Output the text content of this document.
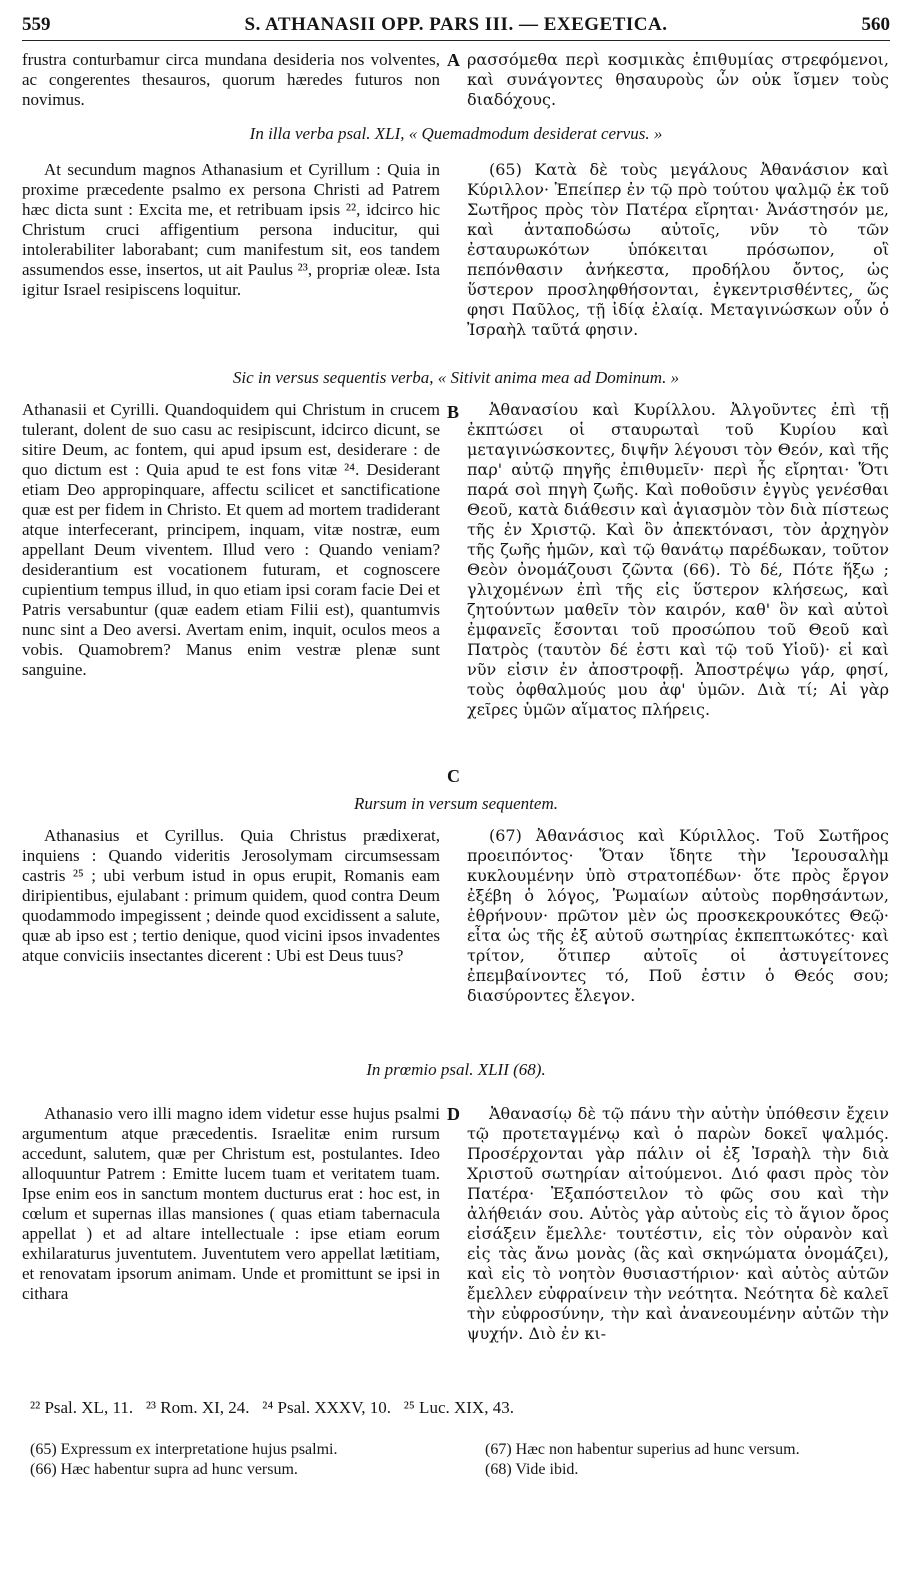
559	S. ATHANASII OPP. PARS III. — EXEGETICA.	560

frustra conturbamur circa mundana desideria nos volventes, ac congerentes thesauros, quorum hæredes futuros non novimus.

A ρασσόμεθα περὶ κοσμικὰς ἐπιθυμίας στρεφόμενοι, καὶ συνάγοντες θησαυροὺς ὧν οὐκ ἴσμεν τοὺς διαδόχους.

In illa verba psal. XLI, « Quemadmodum desiderat cervus. »

At secundum magnos Athanasium et Cyrillum : Quia in proxime præcedente psalmo ex persona Christi ad Patrem hæc dicta sunt : Excita me, et retribuam ipsis ²², idcirco hic Christum cruci affigentium persona inducitur, qui intolerabiliter laborabant; cum manifestum sit, eos tandem assumendos esse, insertos, ut ait Paulus ²³, propriæ oleæ. Ista igitur Israel resipiscens loquitur.

(65) Κατὰ δὲ τοὺς μεγάλους Ἀθανάσιον καὶ Κύριλλον· Ἐπείπερ ἐν τῷ πρὸ τούτου ψαλμῷ ἐκ τοῦ Σωτῆρος πρὸς τὸν Πατέρα εἴρηται· Ἀνάστησόν με, καὶ ἀνταποδώσω αὐτοῖς, νῦν τὸ τῶν ἐσταυρωκότων ὑπόκειται πρόσωπον, οἳ πεπόνθασιν ἀνήκεστα, προδήλου ὄντος, ὡς ὕστερον προσληφθήσονται, ἐγκεντρισθέντες, ὥς φησι Παῦλος, τῇ ἰδίᾳ ἐλαίᾳ. Μεταγινώσκων οὖν ὁ Ἰσραὴλ ταῦτά φησιν.

Sic in versus sequentis verba, « Sitivit anima mea ad Dominum. »
B

Athanasii et Cyrilli. Quandoquidem qui Christum in crucem tulerant, dolent de suo casu ac resipiscunt, idcirco dicunt, se sitire Deum, ac fontem, qui apud ipsum est, desiderare : de quo dictum est : Quia apud te est fons vitæ ²⁴. Desiderant etiam Deo appropinquare, affectu scilicet et sanctificatione quæ est per fidem in Christo. Et quem ad mortem tradiderant atque interfecerant, principem, inquam, vitæ nostræ, eum appellant Deum viventem. Illud vero : Quando veniam? desiderantium est vocationem futuram, et cognoscere cupientium tempus illud, in quo etiam ipsi coram facie Dei et Patris versabuntur (quæ eadem etiam Filii est), quantumvis nunc sint a Deo aversi. Avertam enim, inquit, oculos meos a vobis. Quamobrem? Manus enim vestræ plenæ sunt sanguine.

Ἀθανασίου καὶ Κυρίλλου. Ἀλγοῦντες ἐπὶ τῇ ἐκπτώσει οἱ σταυρωταὶ τοῦ Κυρίου καὶ μεταγινώσκοντες, διψῆν λέγουσι τὸν Θεόν, καὶ τῆς παρ' αὐτῷ πηγῆς ἐπιθυμεῖν· περὶ ἧς εἴρηται· Ὅτι παρά σοὶ πηγὴ ζωῆς. Καὶ ποθοῦσιν ἐγγὺς γενέσθαι Θεοῦ, κατὰ διάθεσιν καὶ ἁγιασμὸν τὸν διὰ πίστεως τῆς ἐν Χριστῷ. Καὶ ὃν ἀπεκτόνασι, τὸν ἀρχηγὸν τῆς ζωῆς ἡμῶν, καὶ τῷ θανάτῳ παρέδωκαν, τοῦτον Θεὸν ὀνομάζουσι ζῶντα (66). Τὸ δέ, Πότε ἥξω ; γλιχομένων ἐπὶ τῆς εἰς ὕστερον κλήσεως, καὶ ζητούντων μαθεῖν τὸν καιρόν, καθ' ὃν καὶ αὐτοὶ ἐμφανεῖς ἔσονται τοῦ προσώπου τοῦ Θεοῦ καὶ Πατρὸς (ταυτὸν δέ ἐστι καὶ τῷ τοῦ Υἱοῦ)· εἰ καὶ νῦν εἰσιν ἐν ἀποστροφῇ. Ἀποστρέψω γάρ, φησί, τοὺς ὀφθαλμούς μου ἀφ' ὑμῶν. Διὰ τί; Αἱ γὰρ χεῖρες ὑμῶν αἵματος πλήρεις.

C
Rursum in versum sequentem.

Athanasius et Cyrillus. Quia Christus prædixerat, inquiens : Quando videritis Jerosolymam circumsessam castris ²⁵ ; ubi verbum istud in opus erupit, Romanis eam diripientibus, ejulabant : primum quidem, quod contra Deum quodammodo impegissent ; deinde quod excidissent a salute, quæ ab ipso est ; tertio denique, quod vicini ipsos invadentes atque conviciis insectantes dicerent : Ubi est Deus tuus?

(67) Ἀθανάσιος καὶ Κύριλλος. Τοῦ Σωτῆρος προειπόντος· Ὅταν ἴδητε τὴν Ἱερουσαλὴμ κυκλουμένην ὑπὸ στρατοπέδων· ὅτε πρὸς ἔργον ἐξέβη ὁ λόγος, Ῥωμαίων αὐτοὺς πορθησάντων, ἐθρήνουν· πρῶτον μὲν ὡς προσκεκρουκότες Θεῷ· εἶτα ὡς τῆς ἐξ αὐτοῦ σωτηρίας ἐκπεπτωκότες· καὶ τρίτον, ὅτιπερ αὐτοῖς οἱ ἀστυγείτονες ἐπεμβαίνοντες τό, Ποῦ ἐστιν ὁ Θεός σου; διασύροντες ἔλεγον.

In prœmio psal. XLII (68).
D

Athanasio vero illi magno idem videtur esse hujus psalmi argumentum atque præcedentis. Israelitæ enim rursum accedunt, salutem, quæ per Christum est, postulantes. Ideo alloquuntur Patrem : Emitte lucem tuam et veritatem tuam. Ipse enim eos in sanctum montem ducturus erat : hoc est, in cœlum et supernas illas mansiones ( quas etiam tabernacula appellat ) et ad altare intellectuale : ipse etiam eorum exhilaraturus juventutem. Juventutem vero appellat lætitiam, et renovatam ipsorum animam. Unde et promittunt se ipsi in cithara

Ἀθανασίῳ δὲ τῷ πάνυ τὴν αὐτὴν ὑπόθεσιν ἔχειν τῷ προτεταγμένῳ καὶ ὁ παρὼν δοκεῖ ψαλμός. Προσέρχονται γὰρ πάλιν οἱ ἐξ Ἰσραὴλ τὴν διὰ Χριστοῦ σωτηρίαν αἰτούμενοι. Διό φασι πρὸς τὸν Πατέρα· Ἐξαπόστειλον τὸ φῶς σου καὶ τὴν ἀλήθειάν σου. Αὐτὸς γὰρ αὐτοὺς εἰς τὸ ἅγιον ὄρος εἰσάξειν ἔμελλε· τουτέστιν, εἰς τὸν οὐρανὸν καὶ εἰς τὰς ἄνω μονὰς (ἃς καὶ σκηνώματα ὀνομάζει), καὶ εἰς τὸ νοητὸν θυσιαστήριον· καὶ αὐτὸς αὐτῶν ἔμελλεν εὐφραίνειν τὴν νεότητα. Νεότητα δὲ καλεῖ τὴν εὐφροσύνην, τὴν καὶ ἀνανεουμένην αὐτῶν τὴν ψυχήν. Διὸ ἐν κι-

²² Psal. XL, 11.   ²³ Rom. XI, 24.   ²⁴ Psal. XXXV, 10.   ²⁵ Luc. XIX, 43.
(65) Expressum ex interpretatione hujus psalmi.
(66) Hæc habentur supra ad hunc versum.
(67) Hæc non habentur superius ad hunc versum.
(68) Vide ibid.
